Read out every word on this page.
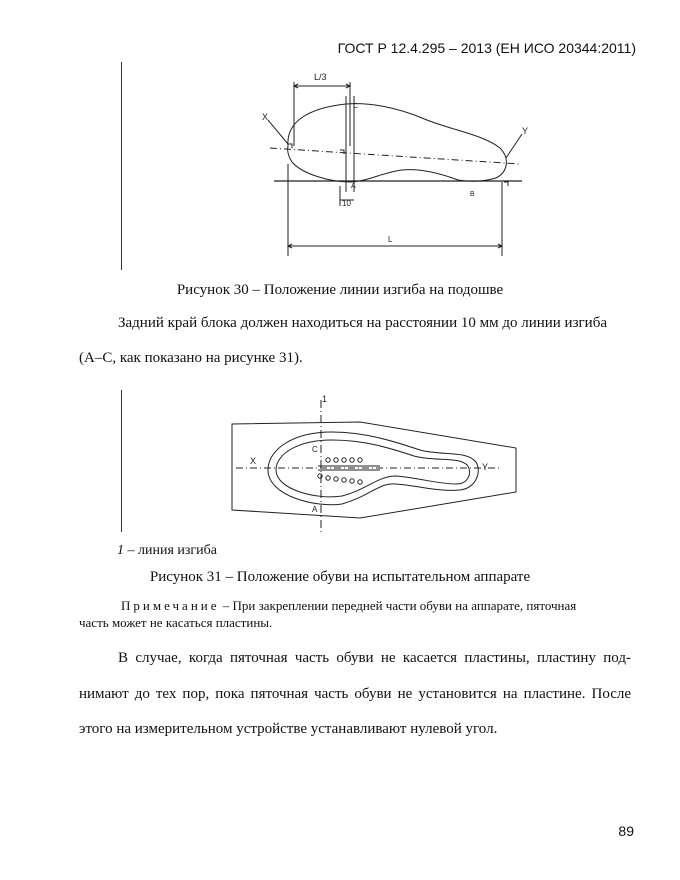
ГОСТ Р 12.4.295 – 2013 (ЕН ИСО 20344:2011)
X
Y
L/3
C
A
B
10
L
Рисунок 30 – Положение линии изгиба на подошве
Задний край блока должен находиться на расстоянии 10 мм до линии изгиба
(А–С, как показано на рисунке 31).
1
X
Y
C
A
1 – линия изгиба
Рисунок 31 – Положение обуви на испытательном аппарате
Примечание – При закреплении передней части обуви на аппарате, пяточная
часть может не касаться пластины.
В случае, когда пяточная часть обуви не касается пластины, пластину под-
нимают до тех пор, пока пяточная часть обуви не установится на пластине. После
этого на измерительном устройстве устанавливают нулевой угол.
89
